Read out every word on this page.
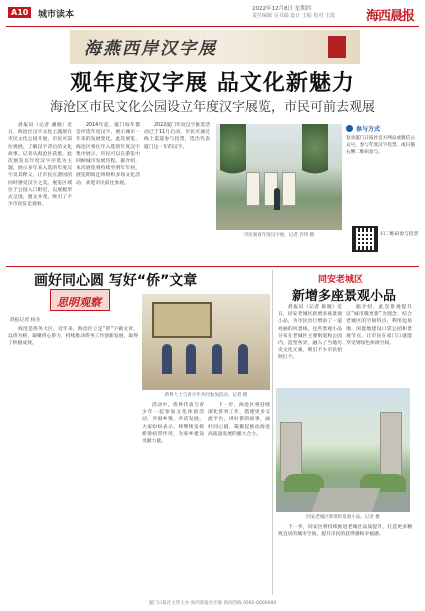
A10	城市读本
2022年12月8日 星期四
责任编辑 吴书端 设计 王振 校对 王霞 海西晨报
海燕西岸汉字展
观年度汉字展 品文化新魅力
海沧区市民文化公园设立年度汉字展览，市民可前去观展

晨报讯（记者 潘晓）近日，海沧区汉字文化主题展在市民文化公园开展，市民可前往观展，了解汉字背后的文化故事。记者从海沧区获悉，此次展览以年度汉字评选为主题，展示多年来入选的年度汉字及其释义，让市民在游园的同时感受汉字之美。展览区域位于公园入口附近，以展板形式呈现，图文并茂，吸引了不少市民驻足观看。

2014年起，厦门每年都会评选年度汉字，展示城市一年来的发展变化。此次展览，海沧区将往年入选的年度汉字集中展示，市民可以在游览中回顾城市发展历程。据介绍，本次展览将持续至明年年初，展览期间还将组织多场文化活动，欢迎市民前往参观。

2022厦门年度汉字推选活动已于11月启动，市民可通过线上渠道参与投票，选出代表厦门这一年的汉字。

市民观看年度汉字展。记者 许伟 摄
参与方式
登录厦门日报社官方网站或微信公众号，参与年度汉字投票，或扫描右侧二维码参与。
扫二维码参与投票
画好同心圆 写好“侨”文章
思明观察
晨报记者 杨杰

海沧是侨务大区。近年来，海沧区立足“侨”字做文章，以侨为桥，凝聚侨心侨力，持续推动侨务工作创新发展，取得了积极成效。

侨界人士与青少年共同参加活动。记者 摄

活动中，侨界代表与青少年一起参加文化体验活动，共叙乡情、共话发展。大家纷纷表示，将继续发挥桥梁纽带作用，为家乡建设贡献力量。

下一步，海沧区将持续深化侨务工作，搭建更多交流平台，讲好侨的故事，画好同心圆，凝聚起推动海沧高质量发展的强大合力。

同安老城区
新增多座景观小品

晨报讯（记者 陈晓）近日，同安老城区新增多座景观小品，为市民出行增添了一道亮丽的风景线。这些景观小品分布在老城区主要街道和公园内，造型各异，融入了当地历史文化元素，吸引不少市民拍照打卡。

据介绍，此次景观提升以“城市微更新”为理念，结合老城区的空间特点，利用边角地、闲置地建设口袋公园和景观节点，让市民在家门口就能享受到绿色休闲空间。

同安老城区新增的景观小品。记者 摄

下一步，同安区将持续推进老城区品质提升，打造更多精致宜居的城市空间，提升市民的获得感和幸福感。

厦门日报社主管主办 海西晨报社出版 新闻热线 0592-0000000
